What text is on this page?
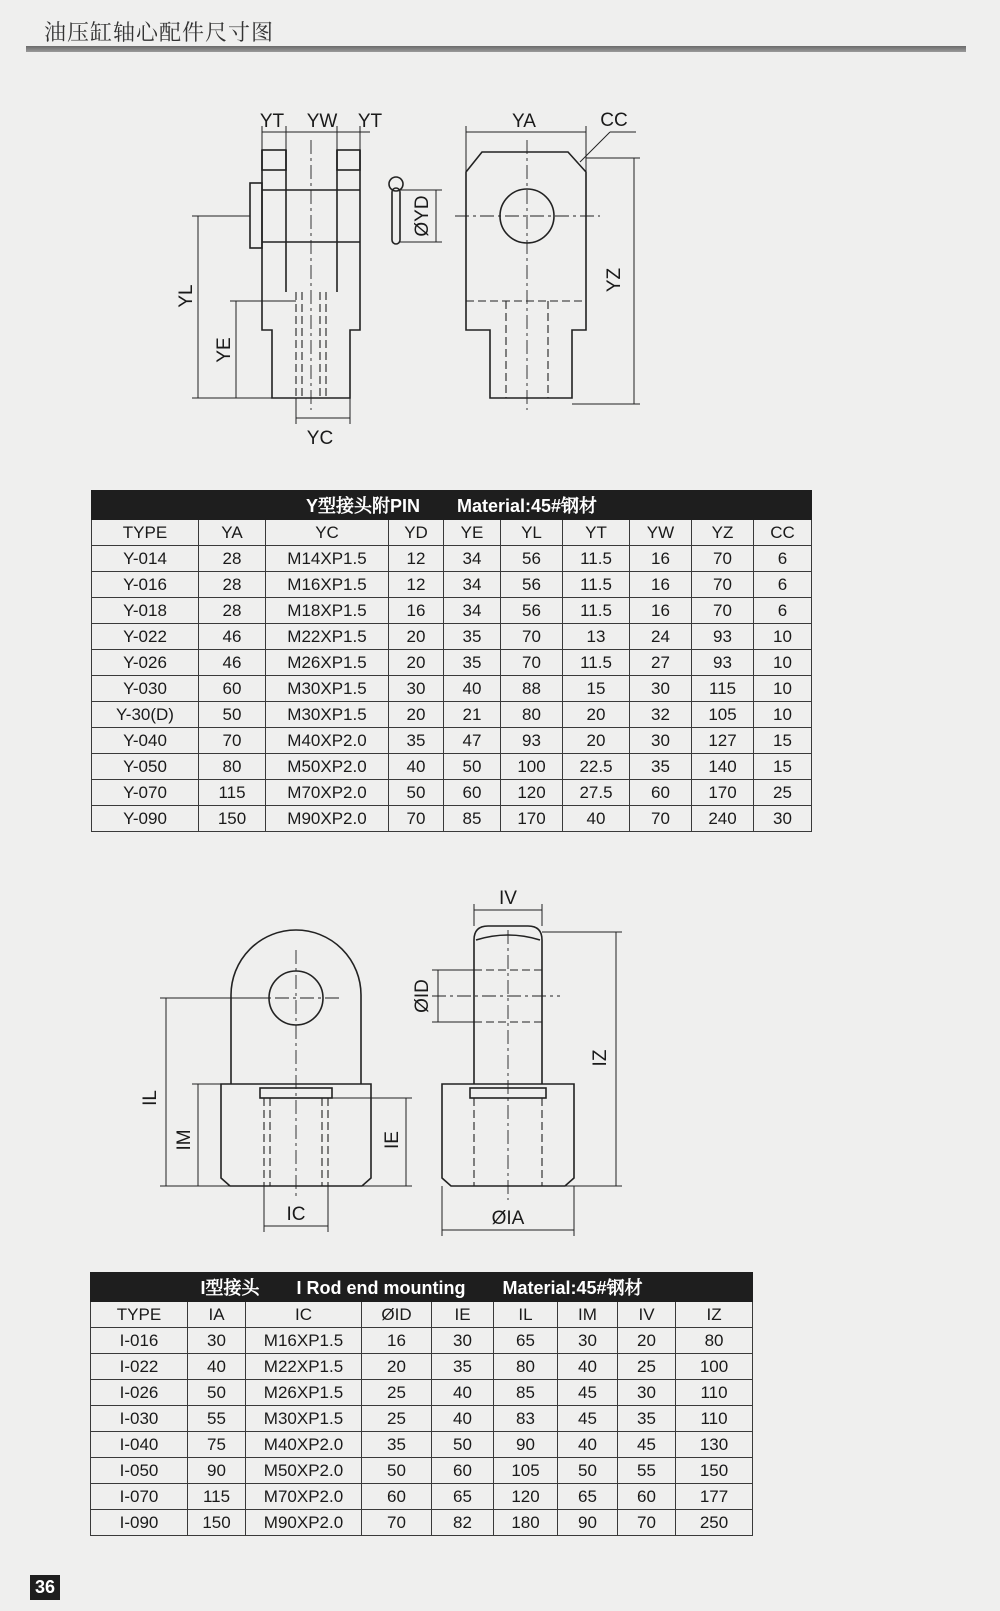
油压缸轴心配件尺寸图
YT YW YT	YA	CC
ØYD
YZ
YL
YE
YC
Y型接头附PIN Material:45#钢材									
TYPE	YA	YC	YD	YE	YL	YT	YW	YZ	CC
Y-014	28	M14XP1.5	12	34	56	11.5	16	70	6
Y-016	28	M16XP1.5	12	34	56	11.5	16	70	6
Y-018	28	M18XP1.5	16	34	56	11.5	16	70	6
Y-022	46	M22XP1.5	20	35	70	13	24	93	10
Y-026	46	M26XP1.5	20	35	70	11.5	27	93	10
Y-030	60	M30XP1.5	30	40	88	15	30	115	10
Y-30(D)	50	M30XP1.5	20	21	80	20	32	105	10
Y-040	70	M40XP2.0	35	47	93	20	30	127	15
Y-050	80	M50XP2.0	40	50	100	22.5	35	140	15
Y-070	115	M70XP2.0	50	60	120	27.5	60	170	25
Y-090	150	M90XP2.0	70	85	170	40	70	240	30
IV
ØID
IZ
IL
IM	IE
IC	ØIA
I型接头 I Rod end mounting Material:45#钢材								
TYPE	IA	IC	ØID	IE	IL	IM	IV	IZ
I-016	30	M16XP1.5	16	30	65	30	20	80
I-022	40	M22XP1.5	20	35	80	40	25	100
I-026	50	M26XP1.5	25	40	85	45	30	110
I-030	55	M30XP1.5	25	40	83	45	35	110
I-040	75	M40XP2.0	35	50	90	40	45	130
I-050	90	M50XP2.0	50	60	105	50	55	150
I-070	115	M70XP2.0	60	65	120	65	60	177
I-090	150	M90XP2.0	70	82	180	90	70	250
36
